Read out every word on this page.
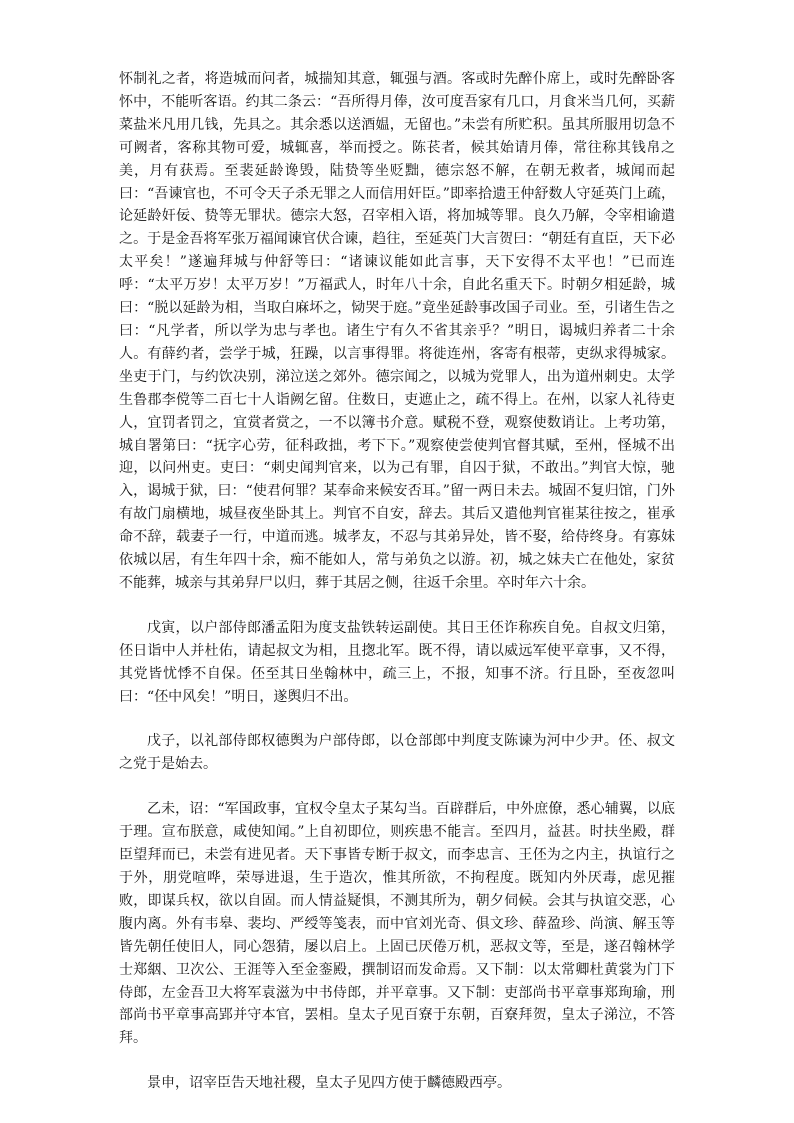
怀制礼之者，将造城而问者，城揣知其意，辄强与酒。客或时先醉仆席上，或时先醉卧客怀中，不能听客语。约其二条云：“吾所得月俸，汝可度吾家有几口，月食米当几何，买薪菜盐米凡用几钱，先具之。其余悉以送酒媪，无留也。”未尝有所贮积。虽其所服用切急不可阙者，客称其物可爱，城辄喜，举而授之。陈苌者，候其始请月俸，常往称其钱帛之美，月有获焉。至裴延龄谗毁，陆贽等坐贬黜，德宗怒不解，在朝无救者，城闻而起曰：“吾谏官也，不可令天子杀无罪之人而信用奸臣。”即率拾遗王仲舒数人守延英门上疏，论延龄奸佞、贽等无罪状。德宗大怒，召宰相入语，将加城等罪。良久乃解，令宰相谕遣之。于是金吾将军张万福闻谏官伏合谏，趋往，至延英门大言贺曰：“朝廷有直臣，天下必太平矣！”遂遍拜城与仲舒等曰：“诸谏议能如此言事，天下安得不太平也！”已而连呼：“太平万岁！太平万岁！”万福武人，时年八十余，自此名重天下。时朝夕相延龄，城曰：“脱以延龄为相，当取白麻坏之，恸哭于庭。”竟坐延龄事改国子司业。至，引诸生告之曰：“凡学者，所以学为忠与孝也。诸生宁有久不省其亲乎？”明日，谒城归养者二十余人。有薛约者，尝学于城，狂躁，以言事得罪。将徙连州，客寄有根蒂，吏纵求得城家。坐吏于门，与约饮决别，涕泣送之郊外。德宗闻之，以城为党罪人，出为道州刺史。太学生鲁郡李傥等二百七十人诣阙乞留。住数日，吏遮止之，疏不得上。在州，以家人礼待吏人，宜罚者罚之，宜赏者赏之，一不以簿书介意。赋税不登，观察使数诮让。上考功第，城自署第曰：“抚字心劳，征科政拙，考下下。”观察使尝使判官督其赋，至州，怪城不出迎，以问州吏。吏曰：“刺史闻判官来，以为己有罪，自囚于狱，不敢出。”判官大惊，驰入，谒城于狱，曰：“使君何罪？某奉命来候安否耳。”留一两日未去。城固不复归馆，门外有故门扇横地，城昼夜坐卧其上。判官不自安，辞去。其后又遣他判官崔某往按之，崔承命不辞，载妻子一行，中道而逃。城孝友，不忍与其弟异处，皆不娶，给侍终身。有寡妹依城以居，有生年四十余，痴不能如人，常与弟负之以游。初，城之妹夫亡在他处，家贫不能葬，城亲与其弟舁尸以归，葬于其居之侧，往返千余里。卒时年六十余。

戊寅，以户部侍郎潘孟阳为度支盐铁转运副使。其日王伾诈称疾自免。自叔文归第，伾日诣中人并杜佑，请起叔文为相，且揔北军。既不得，请以威远军使平章事，又不得，其党皆忧悸不自保。伾至其日坐翰林中，疏三上，不报，知事不济。行且卧，至夜忽叫曰：“伾中风矣！”明日，遂舆归不出。

戊子，以礼部侍郎权德舆为户部侍郎，以仓部郎中判度支陈谏为河中少尹。伾、叔文之党于是始去。

乙未，诏：“军国政事，宜权令皇太子某勾当。百辟群后，中外庶僚，悉心辅翼，以底于理。宣布朕意，咸使知闻。”上自初即位，则疾患不能言。至四月，益甚。时扶坐殿，群臣望拜而已，未尝有进见者。天下事皆专断于叔文，而李忠言、王伾为之内主，执谊行之于外，朋党喧哗，荣辱进退，生于造次，惟其所欲，不拘程度。既知内外厌毒，虑见摧败，即谋兵权，欲以自固。而人情益疑惧，不测其所为，朝夕伺候。会其与执谊交恶，心腹内离。外有韦皋、裴均、严绶等笺表，而中官刘光奇、俱文珍、薛盈珍、尚演、解玉等皆先朝任使旧人，同心怨猜，屡以启上。上固已厌倦万机，恶叔文等，至是，遂召翰林学士郑絪、卫次公、王涯等入至金銮殿，撰制诏而发命焉。又下制：以太常卿杜黄裳为门下侍郎，左金吾卫大将军袁滋为中书侍郎，并平章事。又下制：吏部尚书平章事郑珣瑜，刑部尚书平章事高郢并守本官，罢相。皇太子见百寮于东朝，百寮拜贺，皇太子涕泣，不答拜。

景申，诏宰臣告天地社稷，皇太子见四方使于麟德殿西亭。
